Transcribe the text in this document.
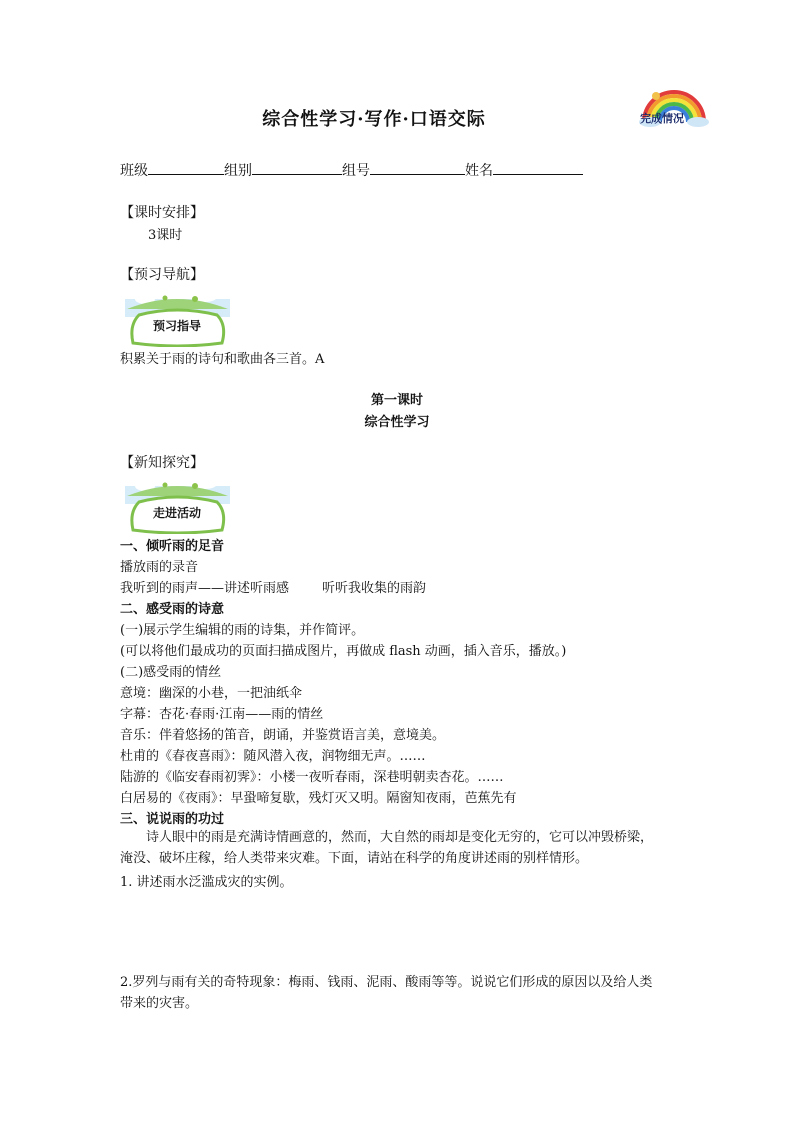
综合性学习·写作·口语交际	完成情况
班级	组别	组号	姓名
【课时安排】
3课时
【预习导航】
预习指导
积累关于雨的诗句和歌曲各三首。A
第一课时
综合性学习
【新知探究】
走进活动
一、倾听雨的足音
播放雨的录音
我听到的雨声——讲述听雨感        听听我收集的雨韵
二、感受雨的诗意
(一)展示学生编辑的雨的诗集，并作简评。
(可以将他们最成功的页面扫描成图片，再做成 flash 动画，插入音乐，播放。)
(二)感受雨的情丝
意境：幽深的小巷，一把油纸伞
字幕：杏花·春雨·江南——雨的情丝
音乐：伴着悠扬的笛音，朗诵，并鉴赏语言美，意境美。
杜甫的《春夜喜雨》：随风潜入夜，润物细无声。……
陆游的《临安春雨初霁》：小楼一夜听春雨，深巷明朝卖杏花。……
白居易的《夜雨》：早蛩啼复歇，残灯灭又明。隔窗知夜雨，芭蕉先有
三、说说雨的功过
诗人眼中的雨是充满诗情画意的，然而，大自然的雨却是变化无穷的，它可以冲毁桥梁，淹没、破坏庄稼，给人类带来灾难。下面，请站在科学的角度讲述雨的别样情形。
1. 讲述雨水泛滥成灾的实例。
2.罗列与雨有关的奇特现象：梅雨、钱雨、泥雨、酸雨等等。说说它们形成的原因以及给人类带来的灾害。
